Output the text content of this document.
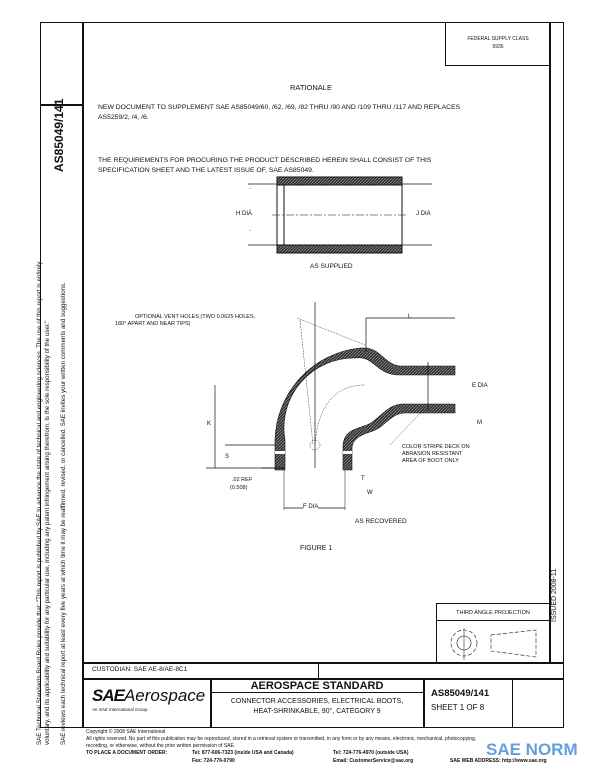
AS85049/141
FEDERAL SUPPLY CLASS
5935
RATIONALE
NEW DOCUMENT TO SUPPLEMENT SAE AS85049/60, /62, /69, /82 THRU /90 AND /109 THRU /117 AND REPLACES
AS5259/2, /4, /6.
THE REQUIREMENTS FOR PROCURING THE PRODUCT DESCRIBED HEREIN SHALL CONSIST OF THIS
SPECIFICATION SHEET AND THE LATEST ISSUE OF, SAE AS85049.
H DIA	J DIA
AS SUPPLIED
OPTIONAL VENT HOLES (TWO 0.0625 HOLES,
180° APART AND NEAR TIPS)
L
E DIA
M
K
S
.02 REF
(0.508)
T
W
F DIA
COLOR STRIPE DECK ON
ABRASION RESISTANT
AREA OF BOOT ONLY
AS RECOVERED
FIGURE 1
ISSUED 2008-11
THIRD ANGLE PROJECTION
CUSTODIAN: SAE AE-8/AE-8C1
SAEAerospace
An SAE International Group
AEROSPACE STANDARD
CONNECTOR ACCESSORIES, ELECTRICAL BOOTS,
HEAT-SHRINKABLE, 90°, CATEGORY 9
AS85049/141
SHEET 1 OF 8
SAE Technical Standards Board Rules provide that: "This report is published by SAE to advance the state of technical and engineering sciences. The use of this report is entirely voluntary, and its applicability and suitability for any particular use, including any patent infringement arising therefrom, is the sole responsibility of the user." SAE reviews each technical report at least every five years at which time it may be reaffirmed, revised, or cancelled. SAE invites your written comments and suggestions.	Copyright © 2008 SAE International
All rights reserved. No part of this publication may be reproduced, stored in a retrieval system or transmitted, in any form or by any means, electronic, mechanical, photocopying,
recording, or otherwise, without the prior written permission of SAE.
TO PLACE A DOCUMENT ORDER:	Tel: 877-606-7323 (inside USA and Canada)
Fax: 724-776-0790
Tel: 724-776-4970 (outside USA)
Email: CustomerService@sae.org	SAE WEB ADDRESS: http://www.sae.org
SAE NORM
